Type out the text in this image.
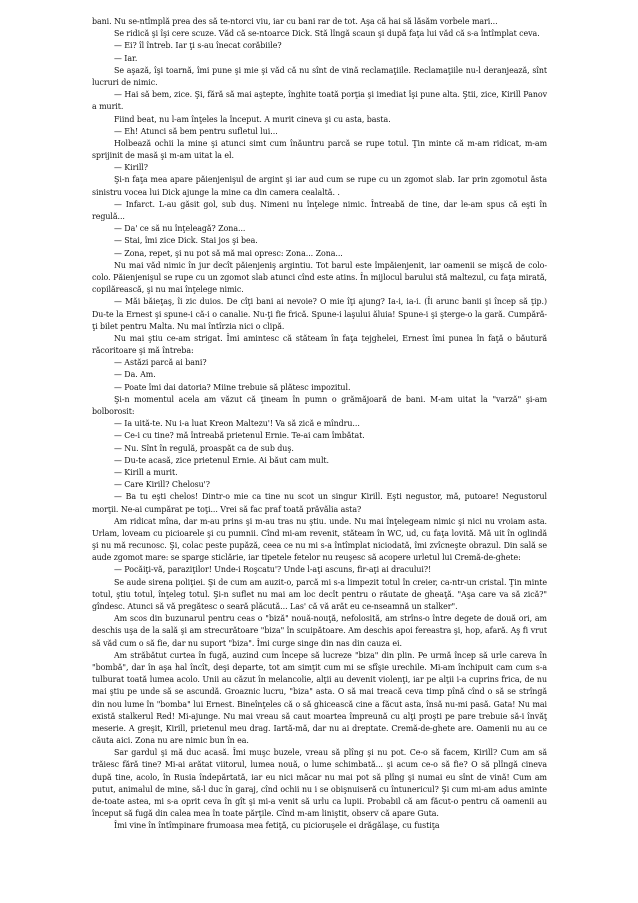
bani. Nu se-ntîmplă prea des să te-ntorci viu, iar cu bani rar de tot. Aşa că hai să lăsăm vorbele mari...

Se ridică şi îşi cere scuze. Văd că se-ntoarce Dick. Stă lîngă scaun şi după faţa lui văd că s-a întîmplat ceva.

— Ei? îl întreb. Iar ţi s-au înecat corăbiile?

— Iar.

Se aşază, îşi toarnă, îmi pune şi mie şi văd că nu sînt de vină reclamaţiile. Reclamaţiile nu-l deranjează, sînt lucruri de nimic.

— Hai să bem, zice. Şi, fără să mai aştepte, înghite toată porţia şi imediat îşi pune alta. Ştii, zice, Kirill Panov a murit.

Fiind beat, nu l-am înţeles la început. A murit cineva şi cu asta, basta.

— Eh! Atunci să bem pentru sufletul lui...

Holbează ochii la mine şi atunci simt cum înăuntru parcă se rupe totul. Ţin minte că m-am ridicat, m-am sprijinit de masă şi m-am uitat la el.

— Kirill?

Şi-n faţa mea apare păienjenişul de argint şi iar aud cum se rupe cu un zgomot slab. Iar prin zgomotul ăsta sinistru vocea lui Dick ajunge la mine ca din camera cealaltă. .

— Infarct. L-au găsit gol, sub duş. Nimeni nu înţelege nimic. Întreabă de tine, dar le-am spus că eşti în regulă...

— Da' ce să nu înţeleagă? Zona...

— Stai, îmi zice Dick. Stai jos şi bea.

— Zona, repet, şi nu pot să mă mai opresc: Zona... Zona...

Nu mai văd nimic în jur decît păienjeniş argintiu. Tot barul este împăienjenit, iar oamenii se mişcă de colo-colo. Păienjenişul se rupe cu un zgomot slab atunci cînd este atins. În mijlocul barului stă maltezul, cu faţa mirată, copilărească, şi nu mai înţelege nimic.

— Măi băieţaş, îi zic duios. De cîţi bani ai nevoie? O mie îţi ajung? Ia-i, ia-i. (Îi arunc banii şi încep să ţip.) Du-te la Ernest şi spune-i că-i o canalie. Nu-ţi fie frică. Spune-i laşului ăluia! Spune-i şi şterge-o la gară. Cumpără-ţi bilet pentru Malta. Nu mai întîrzia nici o clipă.

Nu mai ştiu ce-am strigat. Îmi amintesc că stăteam în faţa tejghelei, Ernest îmi punea în faţă o băutură răcoritoare şi mă întreba:

— Astăzi parcă ai bani?

— Da. Am.

— Poate îmi dai datoria? Miine trebuie să plătesc impozitul.

Şi-n momentul acela am văzut că ţineam în pumn o grămăjoară de bani. M-am uitat la "varză" şi-am bolborosit:

— Ia uită-te. Nu i-a luat Kreon Maltezu'! Va să zică e mîndru...

— Ce-i cu tine? mă întreabă prietenul Ernie. Te-ai cam îmbătat.

— Nu. Sînt în regulă, proaspăt ca de sub duş.

— Du-te acasă, zice prietenul Ernie. Ai băut cam mult.

— Kirill a murit.

— Care Kirill? Chelosu'?

— Ba tu eşti chelos! Dintr-o mie ca tine nu scot un singur Kirill. Eşti negustor, mă, putoare! Negustorul morţii. Ne-ai cumpărat pe toţi... Vrei să fac praf toată prăvălia asta?

Am ridicat mîna, dar m-au prins şi m-au tras nu ştiu. unde. Nu mai înţelegeam nimic şi nici nu vroiam asta. Urlam, loveam cu picioarele şi cu pumnii. Cînd mi-am revenit, stăteam în WC, ud, cu faţa lovită. Mă uit în oglindă şi nu mă recunosc. Şi, colac peste pupăză, ceea ce nu mi s-a întîmplat niciodată, îmi zvîcneşte obrazul. Din sală se aude zgomot mare: se sparge sticlărie, iar tipetele fetelor nu reuşesc să acopere urletul lui Cremă-de-ghete:

— Pocăiţi-vă, paraziţilor! Unde-i Roşcatu'? Unde l-aţi ascuns, fir-aţi ai dracului?!

Se aude sirena poliţiei. Şi de cum am auzit-o, parcă mi s-a limpezit totul în creier, ca-ntr-un cristal. Ţin minte totul, ştiu totul, înţeleg totul. Şi-n suflet nu mai am loc decît pentru o răutate de gheaţă. "Aşa care va să zică?" gîndesc. Atunci să vă pregătesc o seară plăcută... Las' că vă arăt eu ce-nseamnă un stalker".

Am scos din buzunarul pentru ceas o "biză" nouă-nouţă, nefolosită, am strîns-o între degete de două ori, am deschis uşa de la sală şi am strecurătoare "biza" în scuipătoare. Am deschis apoi fereastra şi, hop, afară. Aş fi vrut să văd cum o să fie, dar nu suport "biza". Îmi curge singe din nas din cauza ei.

Am străbătut curtea în fugă, auzind cum începe să lucreze "biza" din plin. Pe urmă încep să urle careva în "bombă", dar în aşa hal încît, deşi departe, tot am simţit cum mi se sfîşie urechile. Mi-am închipuit cam cum s-a tulburat toată lumea acolo. Unii au căzut în melancolie, alţii au devenit violenţi, iar pe alţii i-a cuprins frica, de nu mai ştiu pe unde să se ascundă. Groaznic lucru, "biza" asta. O să mai treacă ceva timp pînă cînd o să se strîngă din nou lume în "bomba" lui Ernest. Bineînţeles că o să ghicească cine a făcut asta, însă nu-mi pasă. Gata! Nu mai există stalkerul Red! Mi-ajunge. Nu mai vreau să caut moartea împreună cu alţi proşti pe pare trebuie să-i învăţ meserie. A greşit, Kirill, prietenul meu drag. Iartă-mă, dar nu ai dreptate. Cremă-de-ghete are. Oamenii nu au ce căuta aici. Zona nu are nimic bun în ea.

Sar gardul şi mă duc acasă. Îmi muşc buzele, vreau să plîng şi nu pot. Ce-o să facem, Kirill? Cum am să trăiesc fără tine? Mi-ai arătat viitorul, lumea nouă, o lume schimbată... şi acum ce-o să fie? O să plîngă cineva după tine, acolo, în Rusia îndepărtată, iar eu nici măcar nu mai pot să plîng şi numai eu sînt de vină! Cum am putut, animalul de mine, să-l duc în garaj, cînd ochii nu i se obişnuiseră cu întunericul? Şi cum mi-am adus aminte de-toate astea, mi s-a oprit ceva în gît şi mi-a venit să urlu ca lupii. Probabil că am făcut-o pentru că oamenii au început să fugă din calea mea în toate părţile. Cînd m-am liniştit, observ că apare Guta.

Îmi vine în întîmpinare frumoasa mea fetiţă, cu picioruşele ei drăgălaşe, cu fustiţa
